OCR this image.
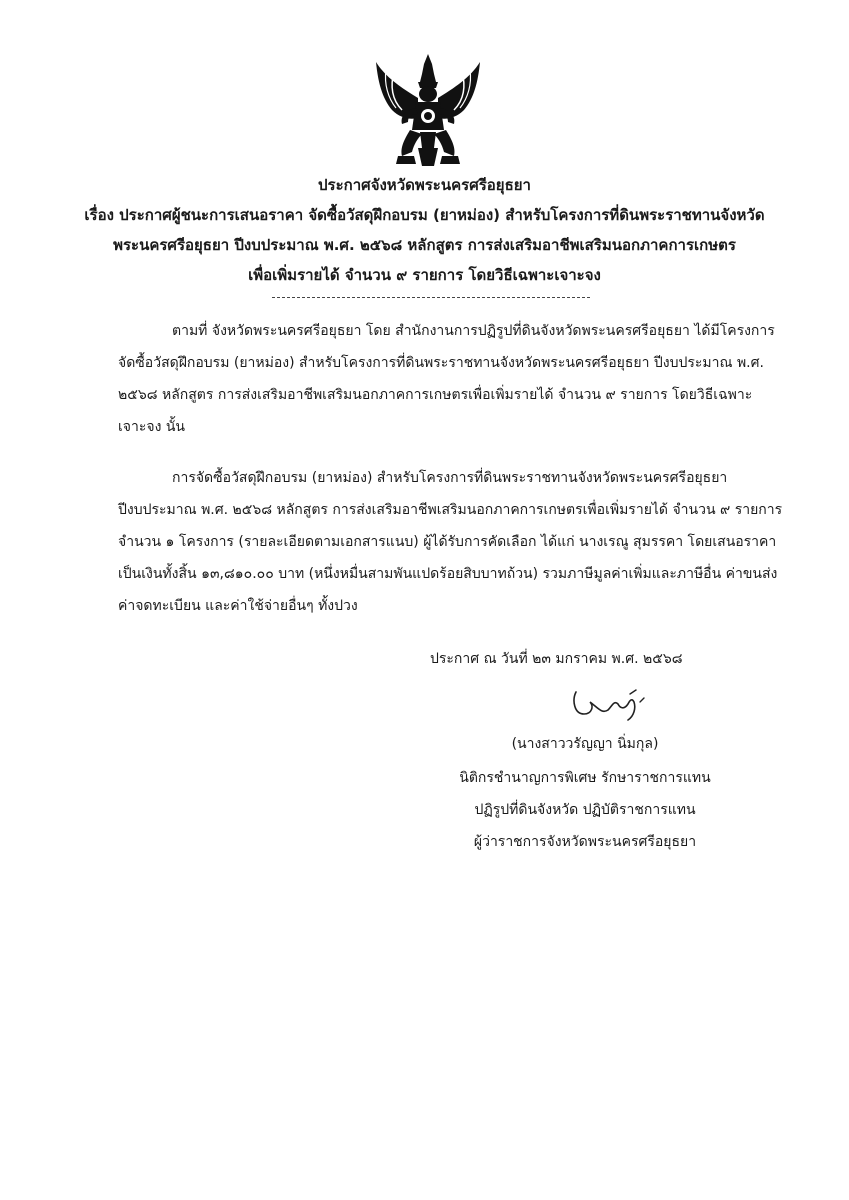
ประกาศจังหวัดพระนครศรีอยุธยา
เรื่อง ประกาศผู้ชนะการเสนอราคา จัดซื้อวัสดุฝึกอบรม (ยาหม่อง) สำหรับโครงการที่ดินพระราชทานจังหวัด
พระนครศรีอยุธยา ปีงบประมาณ พ.ศ. ๒๕๖๘ หลักสูตร การส่งเสริมอาชีพเสริมนอกภาคการเกษตร
เพื่อเพิ่มรายได้ จำนวน ๙ รายการ โดยวิธีเฉพาะเจาะจง
ตามที่ จังหวัดพระนครศรีอยุธยา โดย สำนักงานการปฏิรูปที่ดินจังหวัดพระนครศรีอยุธยา ได้มีโครงการ
จัดซื้อวัสดุฝึกอบรม (ยาหม่อง) สำหรับโครงการที่ดินพระราชทานจังหวัดพระนครศรีอยุธยา ปีงบประมาณ พ.ศ.
๒๕๖๘ หลักสูตร การส่งเสริมอาชีพเสริมนอกภาคการเกษตรเพื่อเพิ่มรายได้ จำนวน ๙ รายการ โดยวิธีเฉพาะ
เจาะจง นั้น
การจัดซื้อวัสดุฝึกอบรม (ยาหม่อง) สำหรับโครงการที่ดินพระราชทานจังหวัดพระนครศรีอยุธยา
ปีงบประมาณ พ.ศ. ๒๕๖๘ หลักสูตร การส่งเสริมอาชีพเสริมนอกภาคการเกษตรเพื่อเพิ่มรายได้ จำนวน ๙ รายการ
จำนวน ๑ โครงการ (รายละเอียดตามเอกสารแนบ) ผู้ได้รับการคัดเลือก ได้แก่ นางเรณู สุมรรคา โดยเสนอราคา
เป็นเงินทั้งสิ้น ๑๓,๘๑๐.๐๐ บาท (หนึ่งหมื่นสามพันแปดร้อยสิบบาทถ้วน) รวมภาษีมูลค่าเพิ่มและภาษีอื่น ค่าขนส่ง
ค่าจดทะเบียน และค่าใช้จ่ายอื่นๆ ทั้งปวง
ประกาศ ณ วันที่ ๒๓ มกราคม พ.ศ. ๒๕๖๘
(นางสาววรัญญา นิ่มกุล)
นิติกรชำนาญการพิเศษ รักษาราชการแทน
ปฏิรูปที่ดินจังหวัด ปฏิบัติราชการแทน
ผู้ว่าราชการจังหวัดพระนครศรีอยุธยา
